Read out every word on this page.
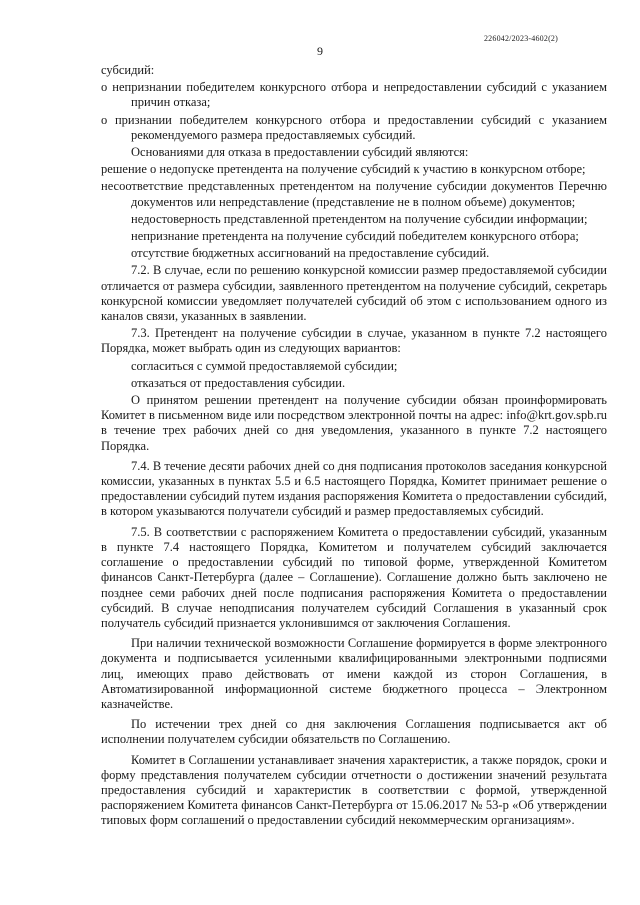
226042/2023-4602(2)
9

субсидий:

о непризнании победителем конкурсного отбора и непредоставлении субсидий с указанием причин отказа;

о признании победителем конкурсного отбора и предоставлении субсидий с указанием рекомендуемого размера предоставляемых субсидий.

Основаниями для отказа в предоставлении субсидий являются:

решение о недопуске претендента на получение субсидий к участию в конкурсном отборе;

несоответствие представленных претендентом на получение субсидии документов Перечню документов или непредставление (представление не в полном объеме) документов;

недостоверность представленной претендентом на получение субсидии информации;

непризнание претендента на получение субсидий победителем конкурсного отбора;

отсутствие бюджетных ассигнований на предоставление субсидий.

7.2. В случае, если по решению конкурсной комиссии размер предоставляемой субсидии отличается от размера субсидии, заявленного претендентом на получение субсидий, секретарь конкурсной комиссии уведомляет получателей субсидий об этом с использованием одного из каналов связи, указанных в заявлении.

7.3. Претендент на получение субсидии в случае, указанном в пункте 7.2 настоящего Порядка, может выбрать один из следующих вариантов:

согласиться с суммой предоставляемой субсидии;

отказаться от предоставления субсидии.

О принятом решении претендент на получение субсидии обязан проинформировать Комитет в письменном виде или посредством электронной почты на адрес: info@krt.gov.spb.ru в течение трех рабочих дней со дня уведомления, указанного в пункте 7.2 настоящего Порядка.

7.4. В течение десяти рабочих дней со дня подписания протоколов заседания конкурсной комиссии, указанных в пунктах 5.5 и 6.5 настоящего Порядка, Комитет принимает решение о предоставлении субсидий путем издания распоряжения Комитета о предоставлении субсидий, в котором указываются получатели субсидий и размер предоставляемых субсидий.

7.5. В соответствии с распоряжением Комитета о предоставлении субсидий, указанным в пункте 7.4 настоящего Порядка, Комитетом и получателем субсидий заключается соглашение о предоставлении субсидий по типовой форме, утвержденной Комитетом финансов Санкт-Петербурга (далее – Соглашение). Соглашение должно быть заключено не позднее семи рабочих дней после подписания распоряжения Комитета о предоставлении субсидий. В случае неподписания получателем субсидий Соглашения в указанный срок получатель субсидий признается уклонившимся от заключения Соглашения.

При наличии технической возможности Соглашение формируется в форме электронного документа и подписывается усиленными квалифицированными электронными подписями лиц, имеющих право действовать от имени каждой из сторон Соглашения, в Автоматизированной информационной системе бюджетного процесса – Электронном казначействе.

По истечении трех дней со дня заключения Соглашения подписывается акт об исполнении получателем субсидии обязательств по Соглашению.

Комитет в Соглашении устанавливает значения характеристик, а также порядок, сроки и форму представления получателем субсидии отчетности о достижении значений результата предоставления субсидий и характеристик в соответствии с формой, утвержденной распоряжением Комитета финансов Санкт-Петербурга от 15.06.2017 № 53-р «Об утверждении типовых форм соглашений о предоставлении субсидий некоммерческим организациям».
